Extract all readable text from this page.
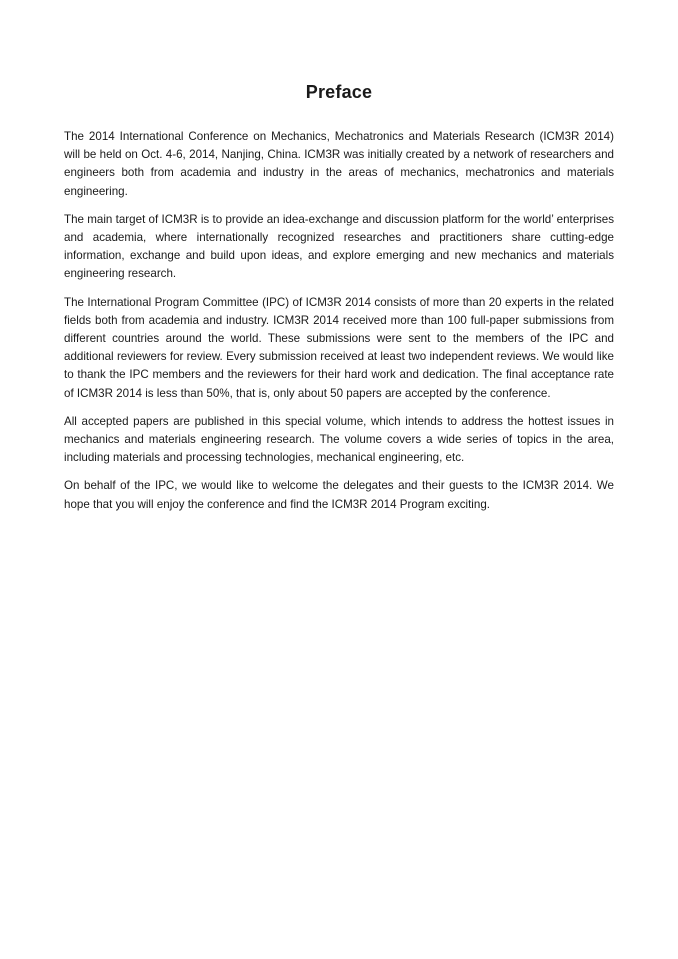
Preface

The 2014 International Conference on Mechanics, Mechatronics and Materials Research (ICM3R 2014) will be held on Oct. 4-6, 2014, Nanjing, China. ICM3R was initially created by a network of researchers and engineers both from academia and industry in the areas of mechanics, mechatronics and materials engineering.

The main target of ICM3R is to provide an idea-exchange and discussion platform for the world’ enterprises and academia, where internationally recognized researches and practitioners share cutting-edge information, exchange and build upon ideas, and explore emerging and new mechanics and materials engineering research.

The International Program Committee (IPC) of ICM3R 2014 consists of more than 20 experts in the related fields both from academia and industry. ICM3R 2014 received more than 100 full-paper submissions from different countries around the world. These submissions were sent to the members of the IPC and additional reviewers for review. Every submission received at least two independent reviews. We would like to thank the IPC members and the reviewers for their hard work and dedication. The final acceptance rate of ICM3R 2014 is less than 50%, that is, only about 50 papers are accepted by the conference.

All accepted papers are published in this special volume, which intends to address the hottest issues in mechanics and materials engineering research. The volume covers a wide series of topics in the area, including materials and processing technologies, mechanical engineering, etc.

On behalf of the IPC, we would like to welcome the delegates and their guests to the ICM3R 2014. We hope that you will enjoy the conference and find the ICM3R 2014 Program exciting.
